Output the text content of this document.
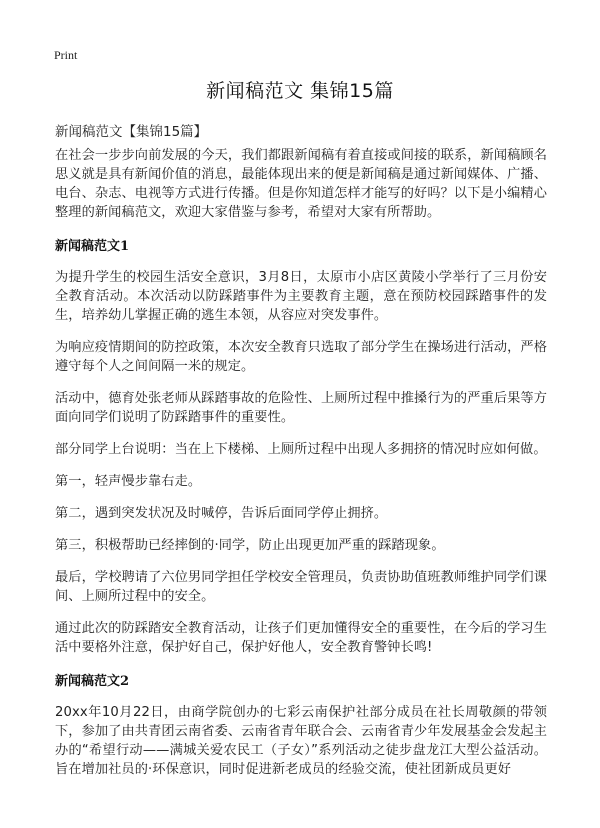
Print
新闻稿范文 集锦15篇

新闻稿范文【集锦15篇】

在社会一步步向前发展的今天，我们都跟新闻稿有着直接或间接的联系，新闻稿顾名思义就是具有新闻价值的消息，最能体现出来的便是新闻稿是通过新闻媒体、广播、电台、杂志、电视等方式进行传播。但是你知道怎样才能写的好吗？以下是小编精心整理的新闻稿范文，欢迎大家借鉴与参考，希望对大家有所帮助。

新闻稿范文1

为提升学生的校园生活安全意识，3月8日，太原市小店区黄陵小学举行了三月份安全教育活动。本次活动以防踩踏事件为主要教育主题，意在预防校园踩踏事件的发生，培养幼儿掌握正确的逃生本领，从容应对突发事件。

为响应疫情期间的防控政策，本次安全教育只选取了部分学生在操场进行活动，严格遵守每个人之间间隔一米的规定。

活动中，德育处张老师从踩踏事故的危险性、上厕所过程中推搡行为的严重后果等方面向同学们说明了防踩踏事件的重要性。

部分同学上台说明：当在上下楼梯、上厕所过程中出现人多拥挤的情况时应如何做。

第一，轻声慢步靠右走。

第二，遇到突发状况及时喊停，告诉后面同学停止拥挤。

第三，积极帮助已经摔倒的·同学，防止出现更加严重的踩踏现象。

最后，学校聘请了六位男同学担任学校安全管理员，负责协助值班教师维护同学们课间、上厕所过程中的安全。

通过此次的防踩踏安全教育活动，让孩子们更加懂得安全的重要性，在今后的学习生活中要格外注意，保护好自己，保护好他人，安全教育警钟长鸣!

新闻稿范文2

20xx年10月22日，由商学院创办的七彩云南保护社部分成员在社长周敬颜的带领下，参加了由共青团云南省委、云南省青年联合会、云南省青少年发展基金会发起主办的“希望行动——满城关爱农民工（子女）”系列活动之徒步盘龙江大型公益活动。旨在增加社员的·环保意识，同时促进新老成员的经验交流，使社团新成员更好
